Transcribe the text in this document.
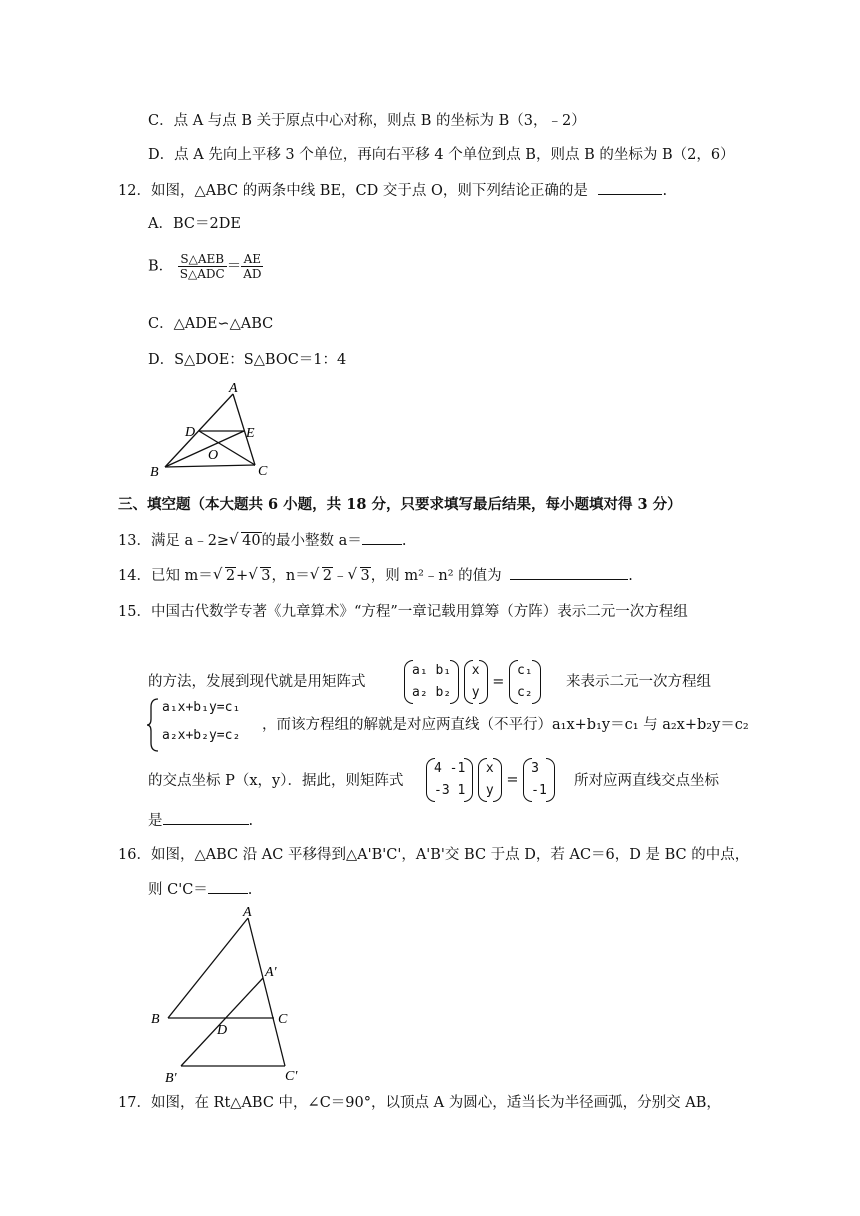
C．点 A 与点 B 关于原点中心对称，则点 B 的坐标为 B（3，﹣2）
D．点 A 先向上平移 3 个单位，再向右平移 4 个单位到点 B，则点 B 的坐标为 B（2，6）
12．如图，△ABC 的两条中线 BE，CD 交于点 O，则下列结论正确的是	.
A．BC＝2DE
B． $\frac{\text{S△AEB}}{\text{S△ADC}} = \frac{AE}{AD}$
C．△ADE∽△ABC
D．S△DOE：S△BOC＝1：4
A
B	C
D	E
O
三、填空题（本大题共 6 小题，共 18 分，只要求填写最后结果，每小题填对得 3 分）
13．满足 a﹣2≥ √ 40的最小整数 a＝	.
14．已知 m＝ √ 2+ √ 3，n＝ √ 2﹣ √ 3，则 m²﹣n² 的值为	.
15．中国古代数学专著《九章算术》“方程”一章记载用算筹（方阵）表示二元一次方程组
的方法，发展到现代就是用矩阵式
a₁ b₁
a₂ b₂

x
y
=
c₁
c₂
来表示二元一次方程组
a₁x+b₁y=c₁
a₂x+b₂y=c₂
，而该方程组的解就是对应两直线（不平行）a₁x+b₁y＝c₁ 与 a₂x+b₂y＝c₂
的交点坐标 P（x，y）．据此，则矩阵式
4 -1
-3 1

x
y
=
3
-1
所对应两直线交点坐标
是	.
16．如图，△ABC 沿 AC 平移得到△A'B'C'，A'B'交 BC 于点 D，若 AC＝6，D 是 BC 的中点，
则 C'C＝	.
A
A'
B	C
D
B'	C'
17．如图，在 Rt△ABC 中，∠C＝90°，以顶点 A 为圆心，适当长为半径画弧，分别交 AB，
